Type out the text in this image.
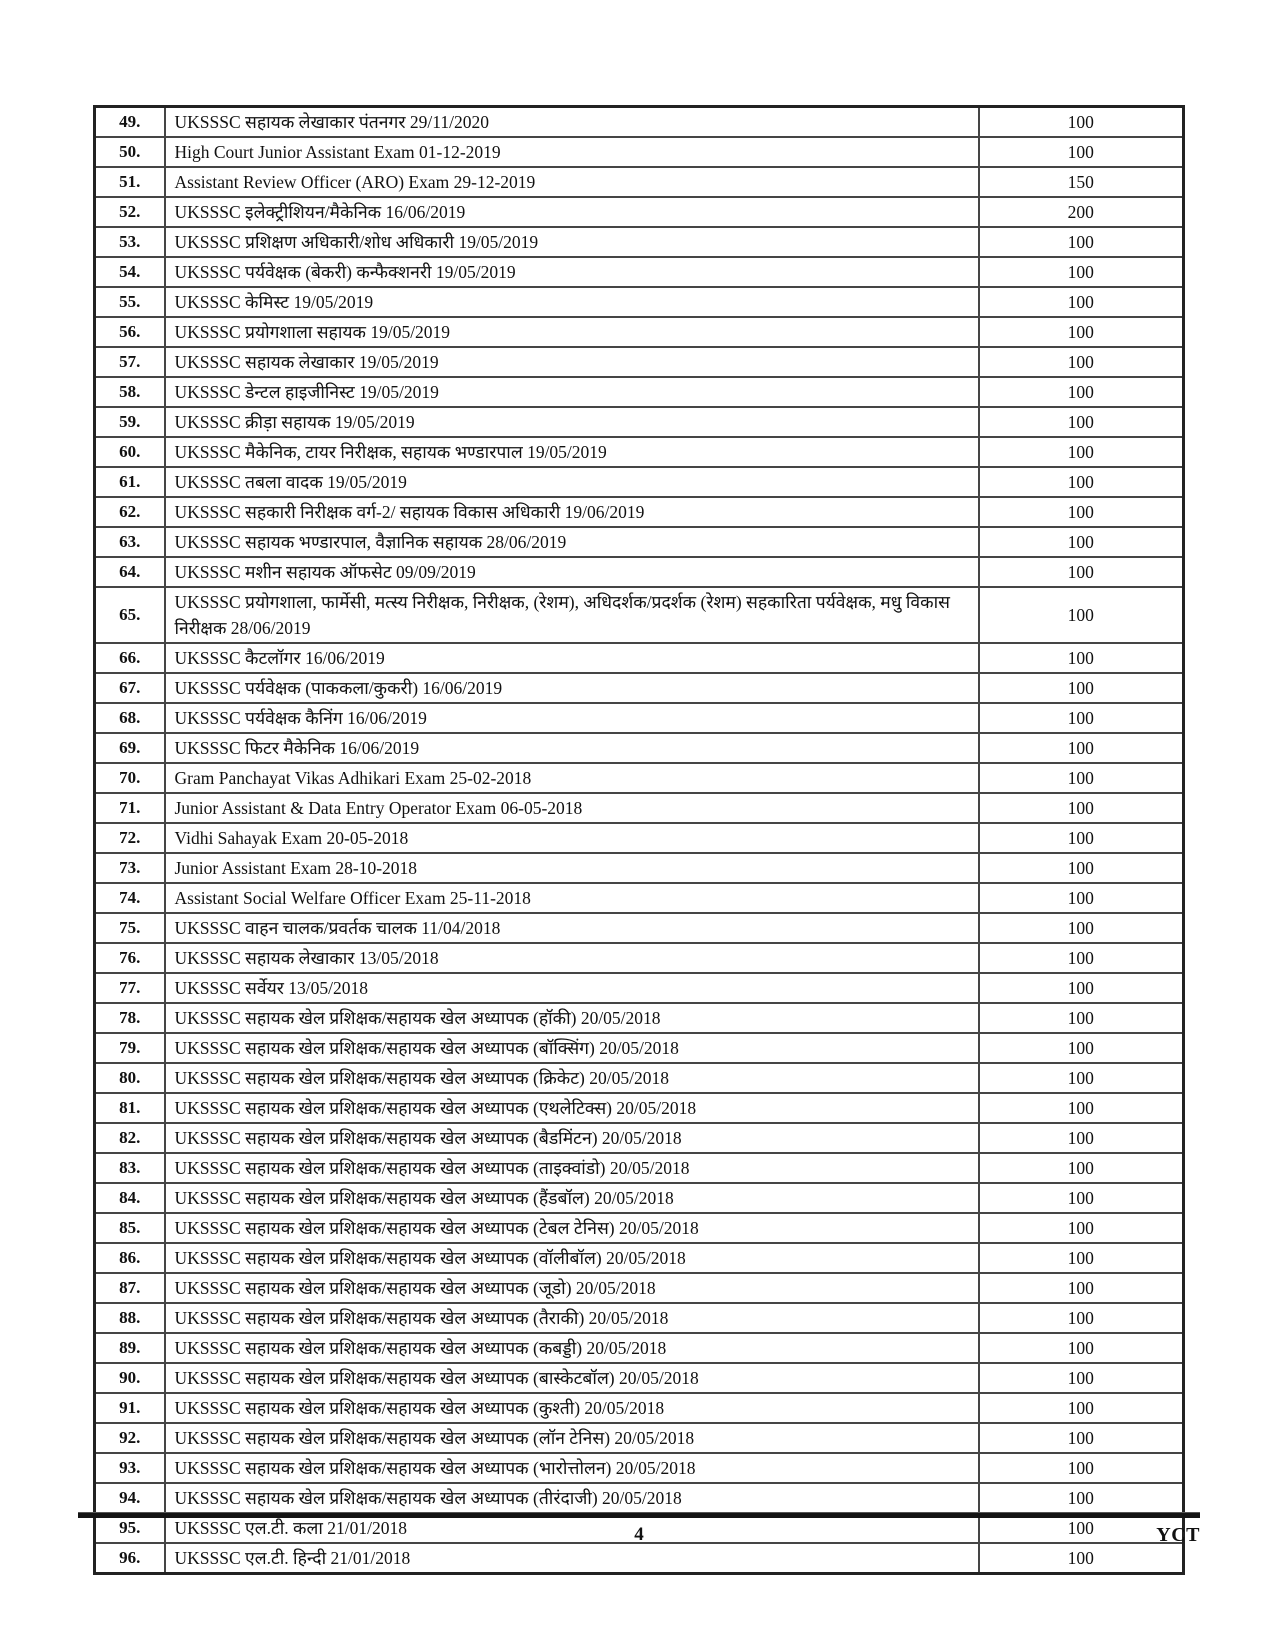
49.	UKSSSC सहायक लेखाकार पंतनगर 29/11/2020	100
50.	High Court Junior Assistant Exam 01-12-2019	100
51.	Assistant Review Officer (ARO) Exam 29-12-2019	150
52.	UKSSSC इलेक्ट्रीशियन/मैकेनिक 16/06/2019	200
53.	UKSSSC प्रशिक्षण अधिकारी/शोध अधिकारी 19/05/2019	100
54.	UKSSSC पर्यवेक्षक (बेकरी) कन्फैक्शनरी 19/05/2019	100
55.	UKSSSC केमिस्ट 19/05/2019	100
56.	UKSSSC प्रयोगशाला सहायक 19/05/2019	100
57.	UKSSSC सहायक लेखाकार 19/05/2019	100
58.	UKSSSC डेन्टल हाइजीनिस्ट 19/05/2019	100
59.	UKSSSC क्रीड़ा सहायक 19/05/2019	100
60.	UKSSSC मैकेनिक, टायर निरीक्षक, सहायक भण्डारपाल 19/05/2019	100
61.	UKSSSC तबला वादक 19/05/2019	100
62.	UKSSSC सहकारी निरीक्षक वर्ग-2/ सहायक विकास अधिकारी 19/06/2019	100
63.	UKSSSC सहायक भण्डारपाल, वैज्ञानिक सहायक 28/06/2019	100
64.	UKSSSC मशीन सहायक ऑफसेट 09/09/2019	100
65.	UKSSSC प्रयोगशाला, फार्मेसी, मत्स्य निरीक्षक, निरीक्षक, (रेशम), अधिदर्शक/प्रदर्शक (रेशम) सहकारिता पर्यवेक्षक, मधु विकास निरीक्षक 28/06/2019	100
66.	UKSSSC कैटलॉगर 16/06/2019	100
67.	UKSSSC पर्यवेक्षक (पाककला/कुकरी) 16/06/2019	100
68.	UKSSSC पर्यवेक्षक कैनिंग 16/06/2019	100
69.	UKSSSC फिटर मैकेनिक 16/06/2019	100
70.	Gram Panchayat Vikas Adhikari Exam 25-02-2018	100
71.	Junior Assistant & Data Entry Operator Exam 06-05-2018	100
72.	Vidhi Sahayak Exam 20-05-2018	100
73.	Junior Assistant Exam 28-10-2018	100
74.	Assistant Social Welfare Officer Exam 25-11-2018	100
75.	UKSSSC वाहन चालक/प्रवर्तक चालक 11/04/2018	100
76.	UKSSSC सहायक लेखाकार 13/05/2018	100
77.	UKSSSC सर्वेयर 13/05/2018	100
78.	UKSSSC सहायक खेल प्रशिक्षक/सहायक खेल अध्यापक (हॉकी) 20/05/2018	100
79.	UKSSSC सहायक खेल प्रशिक्षक/सहायक खेल अध्यापक (बॉक्सिंग) 20/05/2018	100
80.	UKSSSC सहायक खेल प्रशिक्षक/सहायक खेल अध्यापक (क्रिकेट) 20/05/2018	100
81.	UKSSSC सहायक खेल प्रशिक्षक/सहायक खेल अध्यापक (एथलेटिक्स) 20/05/2018	100
82.	UKSSSC सहायक खेल प्रशिक्षक/सहायक खेल अध्यापक (बैडमिंटन) 20/05/2018	100
83.	UKSSSC सहायक खेल प्रशिक्षक/सहायक खेल अध्यापक (ताइक्वांडो) 20/05/2018	100
84.	UKSSSC सहायक खेल प्रशिक्षक/सहायक खेल अध्यापक (हैंडबॉल) 20/05/2018	100
85.	UKSSSC सहायक खेल प्रशिक्षक/सहायक खेल अध्यापक (टेबल टेनिस) 20/05/2018	100
86.	UKSSSC सहायक खेल प्रशिक्षक/सहायक खेल अध्यापक (वॉलीबॉल) 20/05/2018	100
87.	UKSSSC सहायक खेल प्रशिक्षक/सहायक खेल अध्यापक (जूडो) 20/05/2018	100
88.	UKSSSC सहायक खेल प्रशिक्षक/सहायक खेल अध्यापक (तैराकी) 20/05/2018	100
89.	UKSSSC सहायक खेल प्रशिक्षक/सहायक खेल अध्यापक (कबड्डी) 20/05/2018	100
90.	UKSSSC सहायक खेल प्रशिक्षक/सहायक खेल अध्यापक (बास्केटबॉल) 20/05/2018	100
91.	UKSSSC सहायक खेल प्रशिक्षक/सहायक खेल अध्यापक (कुश्ती) 20/05/2018	100
92.	UKSSSC सहायक खेल प्रशिक्षक/सहायक खेल अध्यापक (लॉन टेनिस) 20/05/2018	100
93.	UKSSSC सहायक खेल प्रशिक्षक/सहायक खेल अध्यापक (भारोत्तोलन) 20/05/2018	100
94.	UKSSSC सहायक खेल प्रशिक्षक/सहायक खेल अध्यापक (तीरंदाजी) 20/05/2018	100
95.	UKSSSC एल.टी. कला 21/01/2018	100
96.	UKSSSC एल.टी. हिन्दी 21/01/2018	100
4	YCT
